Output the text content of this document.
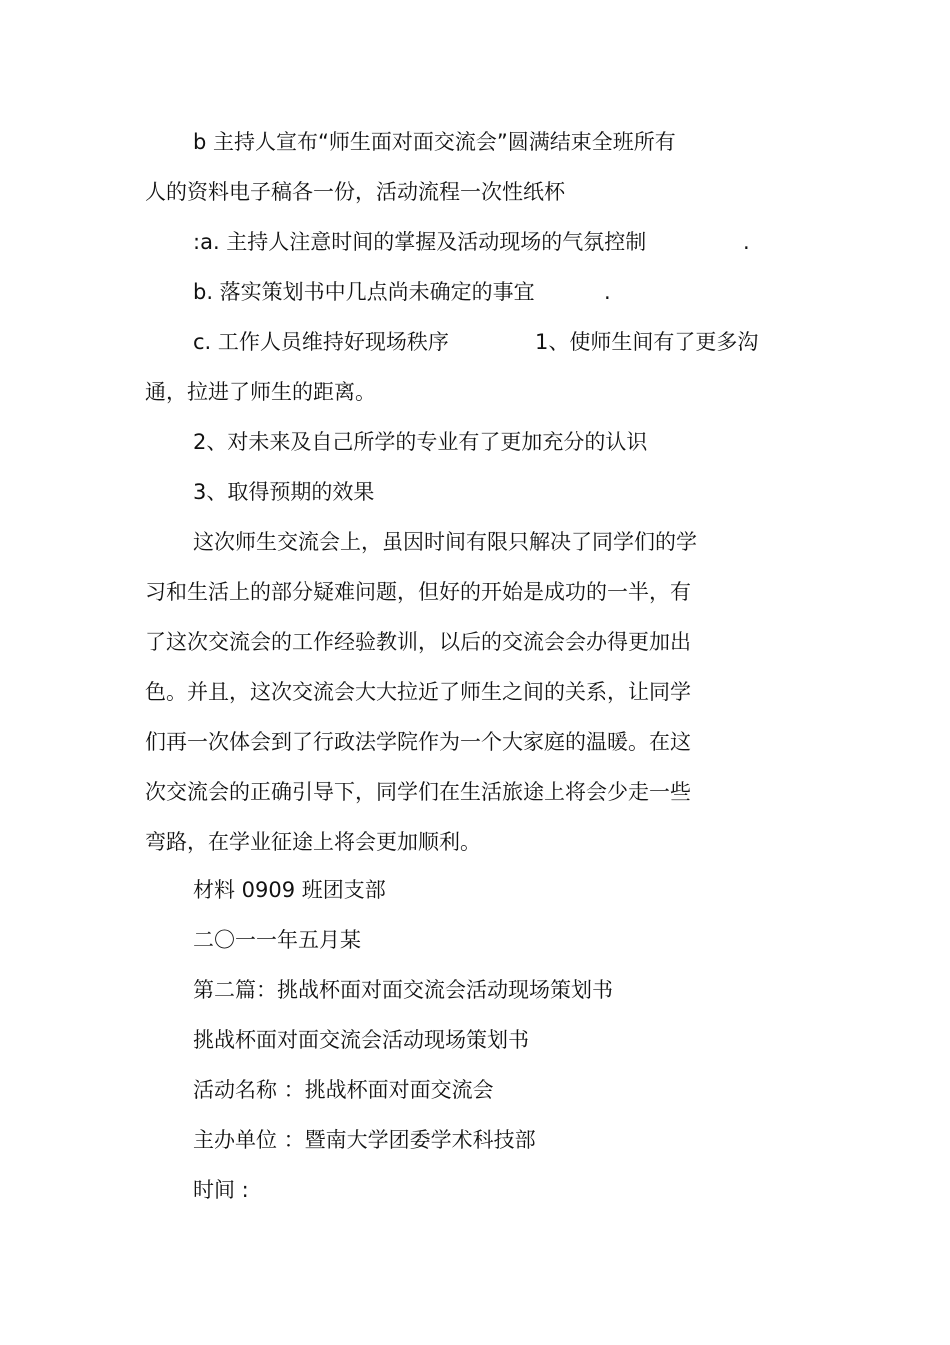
b 主持人宣布“师生面对面交流会”圆满结束全班所有
人的资料电子稿各一份，活动流程一次性纸杯
:a. 主持人注意时间的掌握及活动现场的气氛控制	.
b. 落实策划书中几点尚未确定的事宜	.
c. 工作人员维持好现场秩序	1、使师生间有了更多沟
通，拉进了师生的距离。
2、对未来及自己所学的专业有了更加充分的认识
3、取得预期的效果
这次师生交流会上，虽因时间有限只解决了同学们的学
习和生活上的部分疑难问题，但好的开始是成功的一半，有
了这次交流会的工作经验教训，以后的交流会会办得更加出
色。并且，这次交流会大大拉近了师生之间的关系，让同学
们再一次体会到了行政法学院作为一个大家庭的温暖。在这
次交流会的正确引导下，同学们在生活旅途上将会少走一些
弯路，在学业征途上将会更加顺利。
材料 0909 班团支部
二〇一一年五月某
第二篇：挑战杯面对面交流会活动现场策划书
挑战杯面对面交流会活动现场策划书
活动名称 ：挑战杯面对面交流会
主办单位 ：暨南大学团委学术科技部
时间 :
